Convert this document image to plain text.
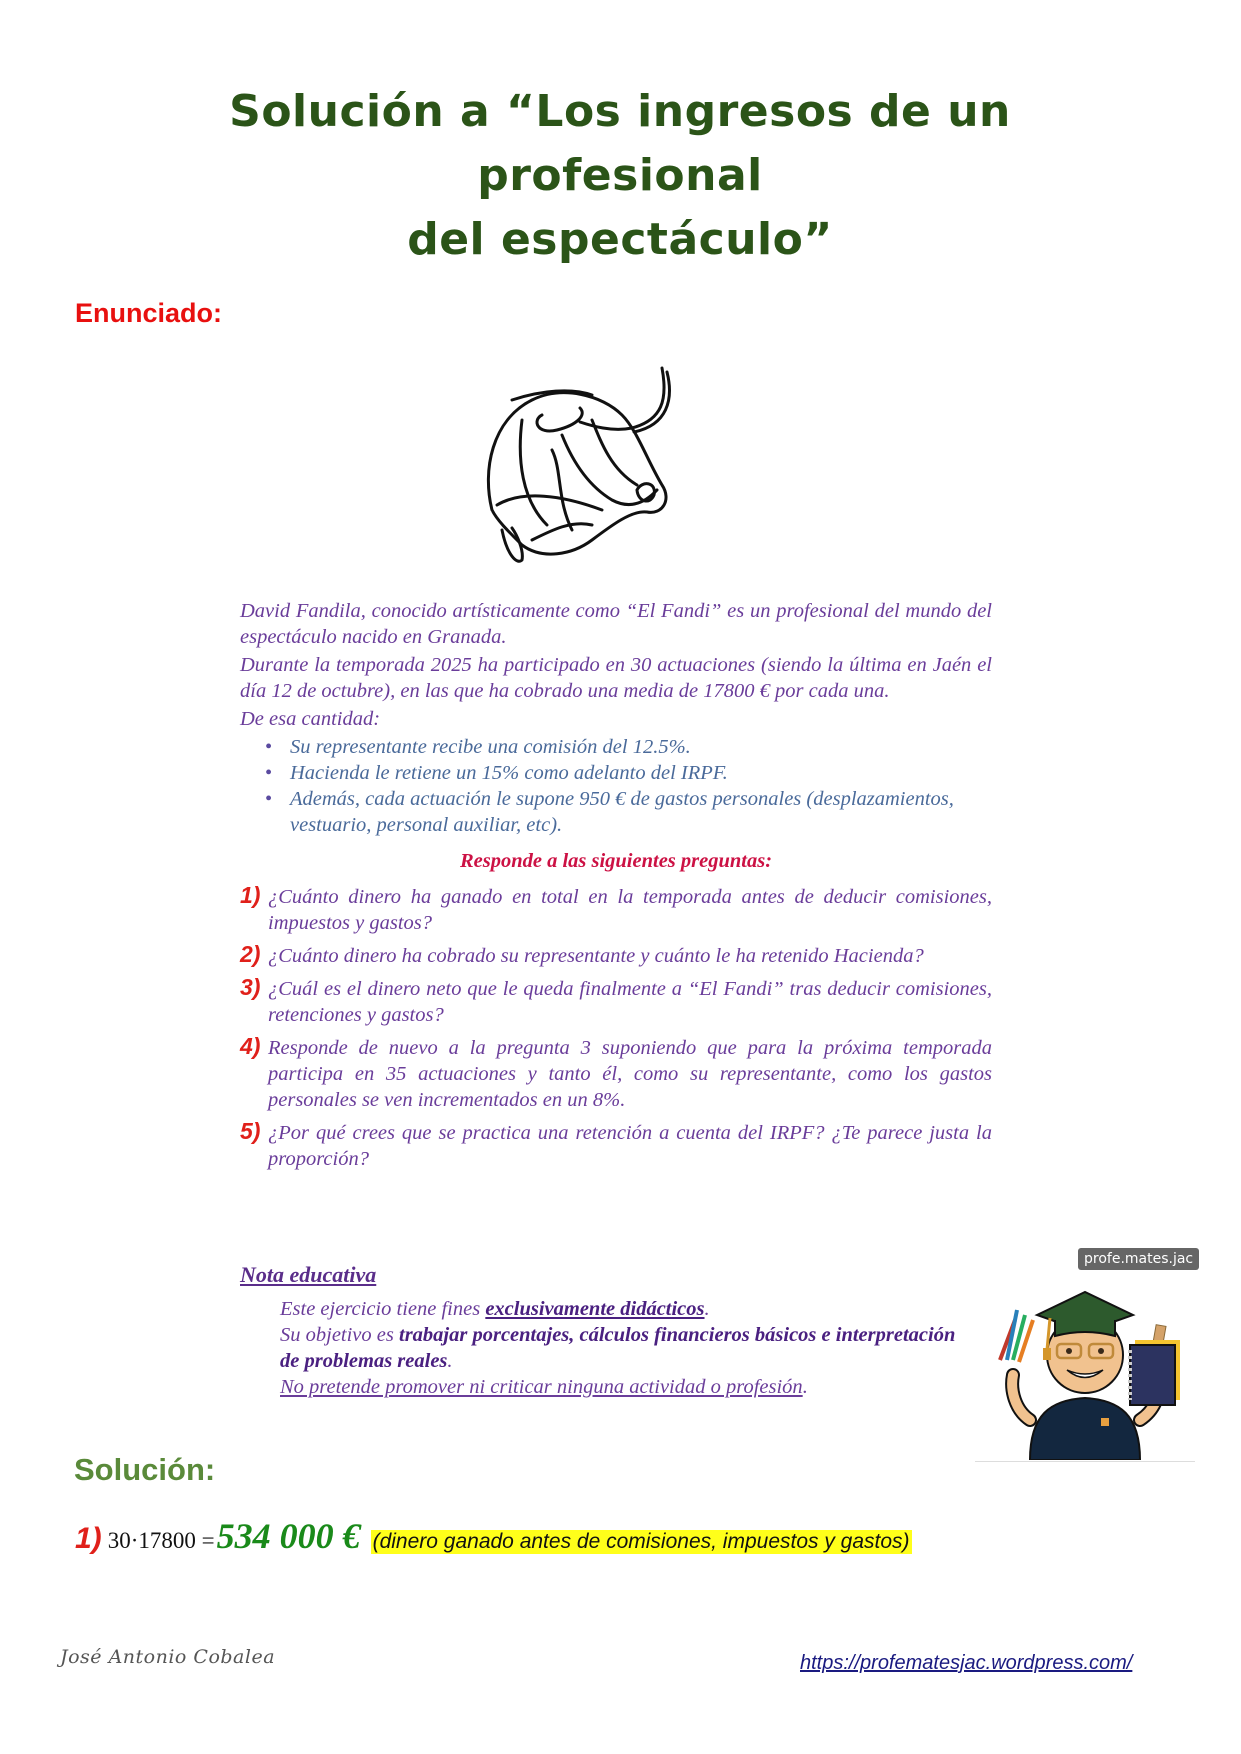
Solución a “Los ingresos de un profesional
del espectáculo”
Enunciado:

David Fandila, conocido artísticamente como “El Fandi” es un profesional del mundo del espectáculo nacido en Granada.

Durante la temporada 2025 ha participado en 30 actuaciones (siendo la última en Jaén el día 12 de octubre), en las que ha cobrado una media de 17800 € por cada una.

De esa cantidad:

• Su representante recibe una comisión del 12.5%.
• Hacienda le retiene un 15% como adelanto del IRPF.
• Además, cada actuación le supone 950 € de gastos personales (desplazamientos, vestuario, personal auxiliar, etc).
Responde a las siguientes preguntas:
1) ¿Cuánto dinero ha ganado en total en la temporada antes de deducir comisiones, impuestos y gastos?
2) ¿Cuánto dinero ha cobrado su representante y cuánto le ha retenido Hacienda?
3) ¿Cuál es el dinero neto que le queda finalmente a “El Fandi” tras deducir comisiones, retenciones y gastos?
4) Responde de nuevo a la pregunta 3 suponiendo que para la próxima temporada participa en 35 actuaciones y tanto él, como su representante, como los gastos personales se ven incrementados en un 8%.
5) ¿Por qué crees que se practica una retención a cuenta del IRPF? ¿Te parece justa la proporción?
Nota educativa
Este ejercicio tiene fines exclusivamente didácticos.
Su objetivo es trabajar porcentajes, cálculos financieros básicos e interpretación de problemas reales.
No pretende promover ni criticar ninguna actividad o profesión.
profe.mates.jac
Solución:
1) 30·17800 = 534 000 € (dinero ganado antes de comisiones, impuestos y gastos)
José Antonio Cobalea	https://profematesjac.wordpress.com/
